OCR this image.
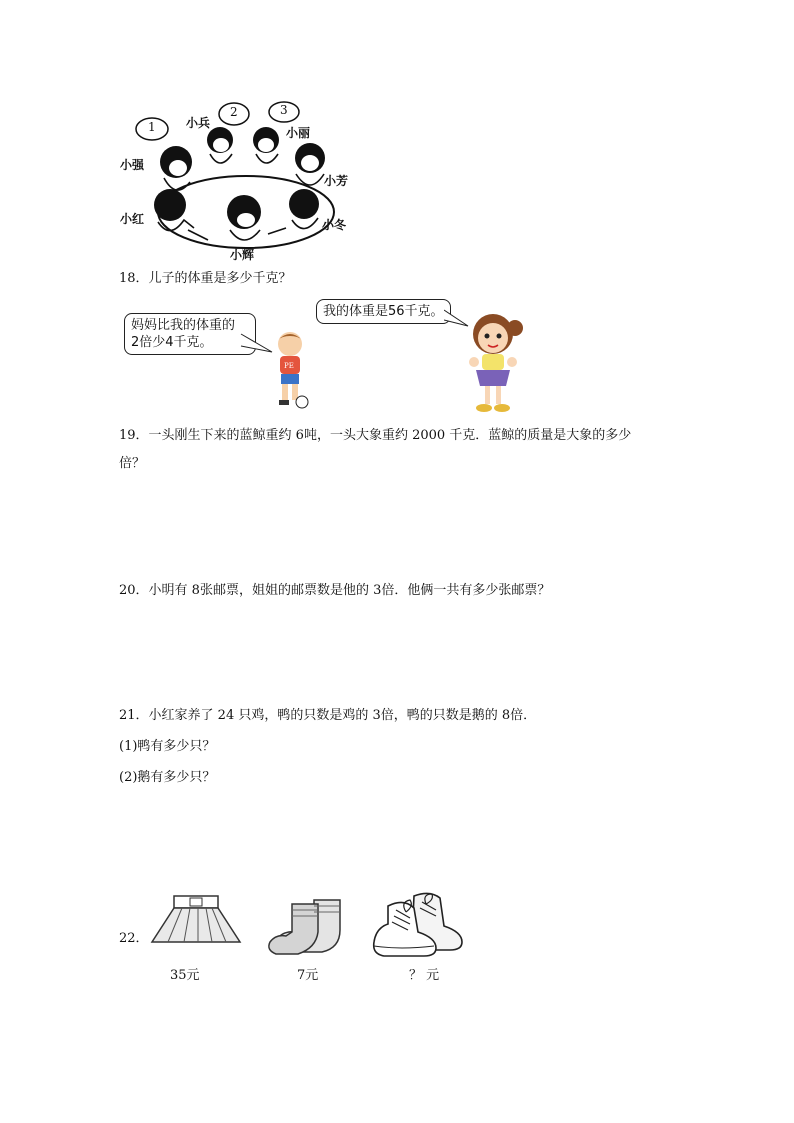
小兵
小丽
小强
小芳
小红	小冬
小辉
1
2	3
18．儿子的体重是多少千克？
妈妈比我的体重的
2倍少4千克。
我的体重是56千克。
PE
19．一头刚生下来的蓝鲸重约 6吨，一头大象重约 2000 千克．蓝鲸的质量是大象的多少
倍？
20．小明有 8张邮票，姐姐的邮票数是他的 3倍．他俩一共有多少张邮票？
21．小红家养了 24 只鸡，鸭的只数是鸡的 3倍，鸭的只数是鹅的 8倍．
(1)鸭有多少只？
(2)鹅有多少只？
22．
35元	7元	？ 元
